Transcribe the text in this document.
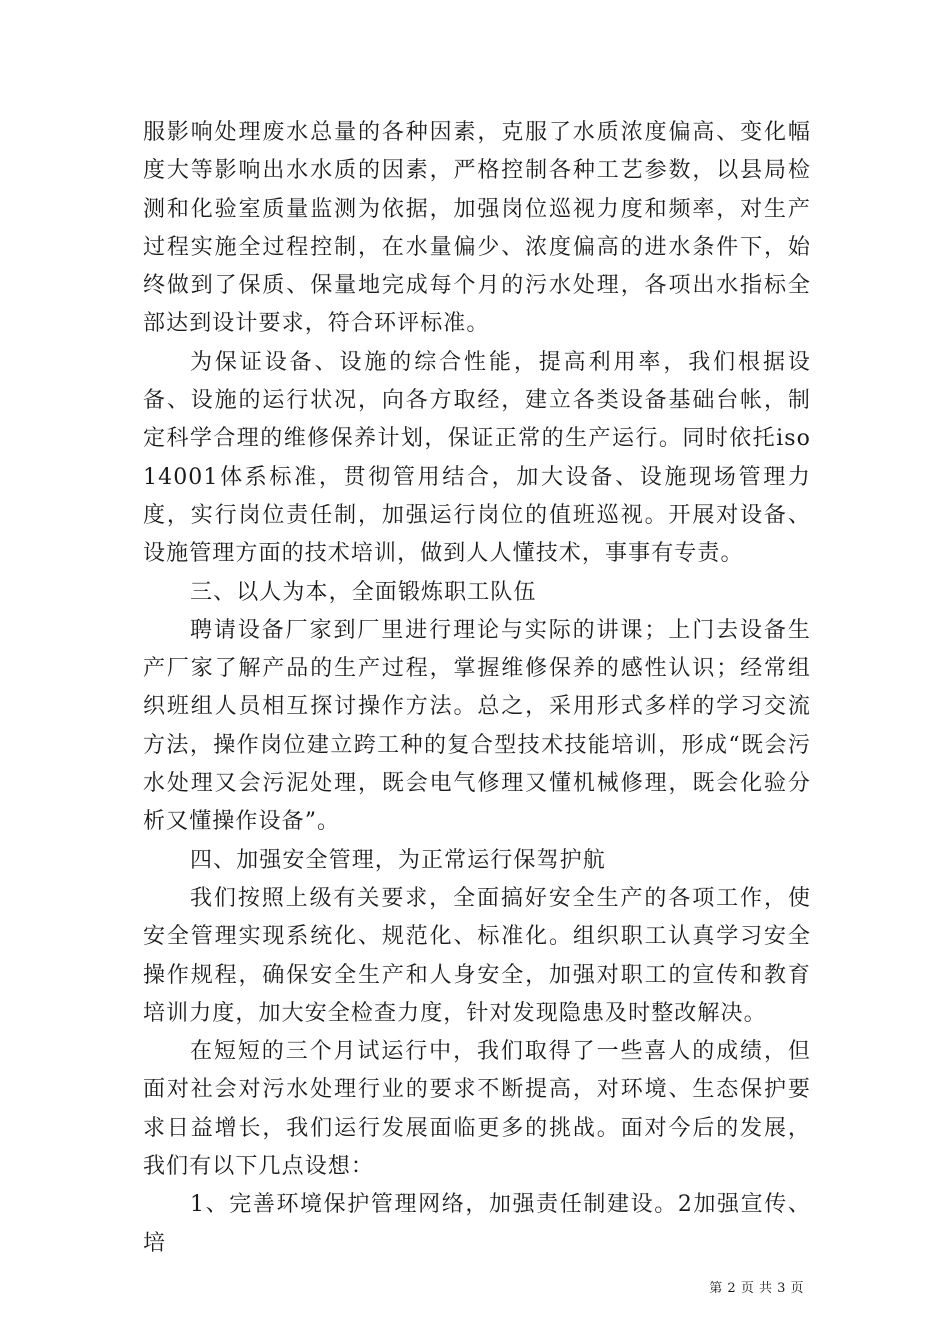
服影响处理废水总量的各种因素，克服了水质浓度偏高、变化幅度大等影响出水水质的因素，严格控制各种工艺参数，以县局检测和化验室质量监测为依据，加强岗位巡视力度和频率，对生产过程实施全过程控制，在水量偏少、浓度偏高的进水条件下，始终做到了保质、保量地完成每个月的污水处理，各项出水指标全部达到设计要求，符合环评标准。

为保证设备、设施的综合性能，提高利用率，我们根据设备、设施的运行状况，向各方取经，建立各类设备基础台帐，制定科学合理的维修保养计划，保证正常的生产运行。同时依托iso14001体系标准，贯彻管用结合，加大设备、设施现场管理力度，实行岗位责任制，加强运行岗位的值班巡视。开展对设备、设施管理方面的技术培训，做到人人懂技术，事事有专责。

三、以人为本，全面锻炼职工队伍

聘请设备厂家到厂里进行理论与实际的讲课；上门去设备生产厂家了解产品的生产过程，掌握维修保养的感性认识；经常组织班组人员相互探讨操作方法。总之，采用形式多样的学习交流方法，操作岗位建立跨工种的复合型技术技能培训，形成“既会污水处理又会污泥处理，既会电气修理又懂机械修理，既会化验分析又懂操作设备”。

四、加强安全管理，为正常运行保驾护航

我们按照上级有关要求，全面搞好安全生产的各项工作，使安全管理实现系统化、规范化、标准化。组织职工认真学习安全操作规程，确保安全生产和人身安全，加强对职工的宣传和教育培训力度，加大安全检查力度，针对发现隐患及时整改解决。

在短短的三个月试运行中，我们取得了一些喜人的成绩，但面对社会对污水处理行业的要求不断提高，对环境、生态保护要求日益增长，我们运行发展面临更多的挑战。面对今后的发展，我们有以下几点设想：

1、完善环境保护管理网络，加强责任制建设。2加强宣传、培

第 2 页 共 3 页
